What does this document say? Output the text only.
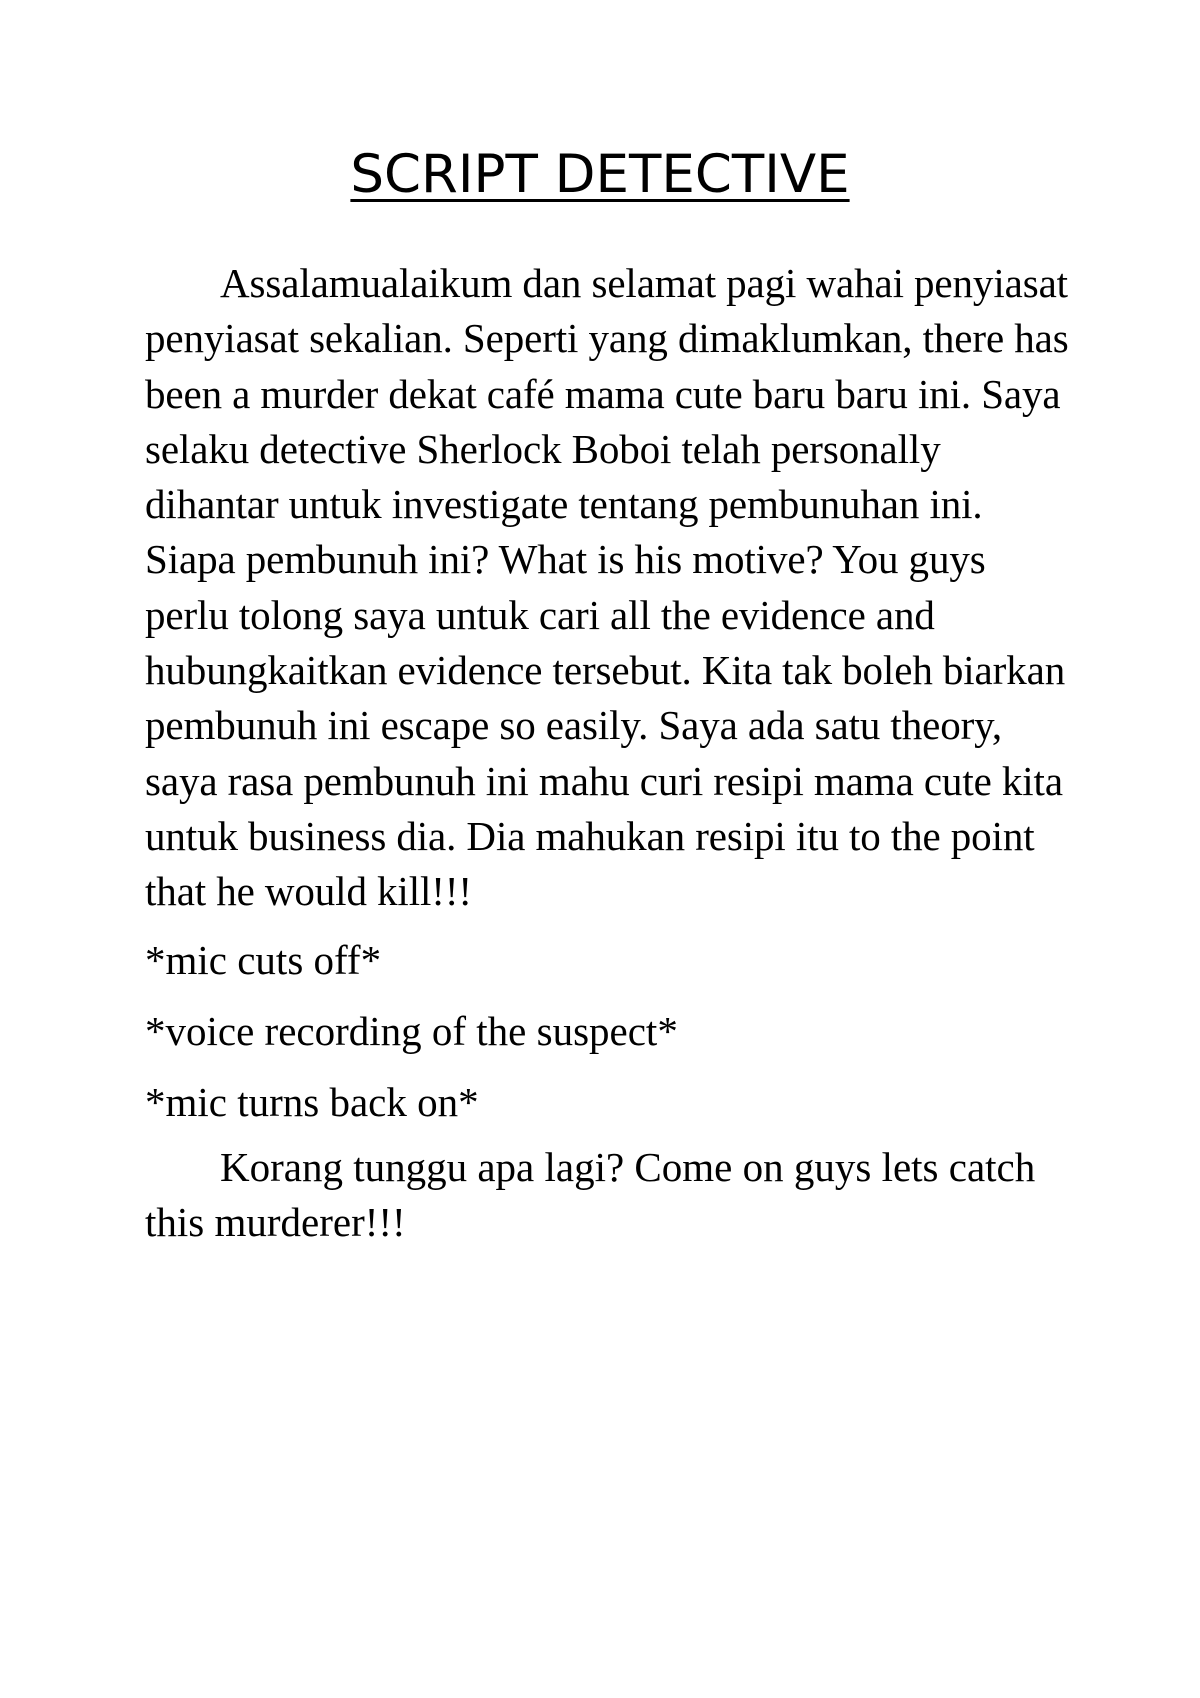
SCRIPT DETECTIVE

Assalamualaikum dan selamat pagi wahai penyiasat penyiasat sekalian. Seperti yang dimaklumkan, there has been a murder dekat café mama cute baru baru ini. Saya selaku detective Sherlock Boboi telah personally dihantar untuk investigate tentang pembunuhan ini. Siapa pembunuh ini? What is his motive? You guys perlu tolong saya untuk cari all the evidence and hubungkaitkan evidence tersebut. Kita tak boleh biarkan pembunuh ini escape so easily. Saya ada satu theory, saya rasa pembunuh ini mahu curi resipi mama cute kita untuk business dia. Dia mahukan resipi itu to the point that he would kill!!!

*mic cuts off*

*voice recording of the suspect*

*mic turns back on*

Korang tunggu apa lagi? Come on guys lets catch this murderer!!!
